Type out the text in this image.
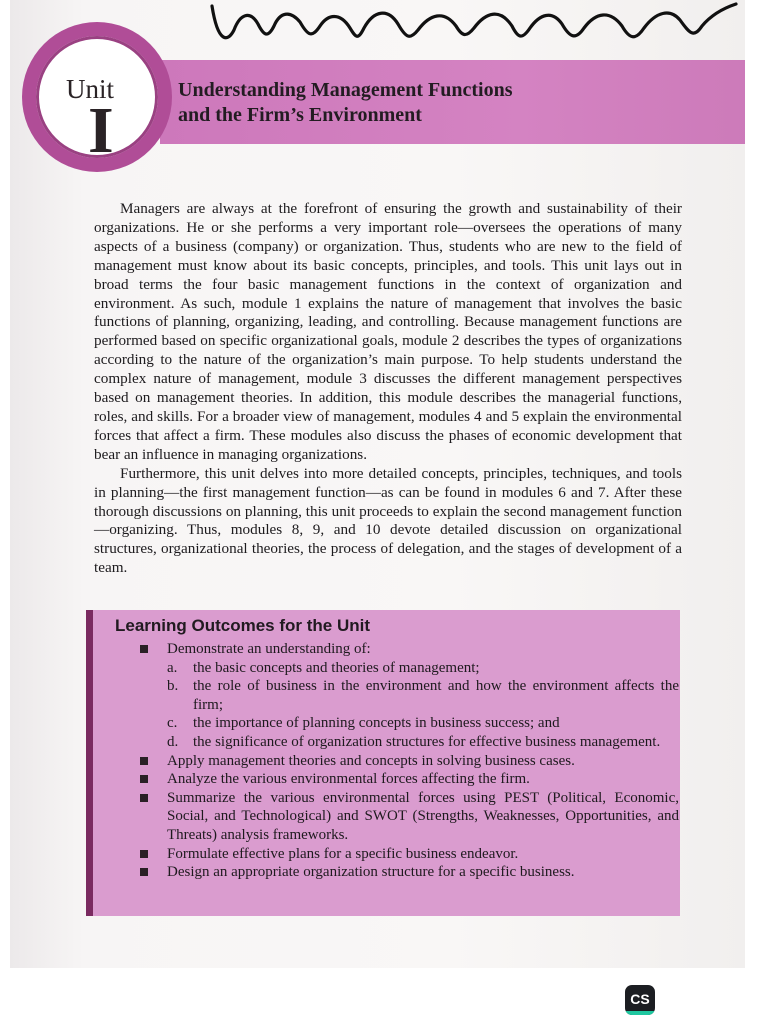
Unit
I
Understanding Management Functions
and the Firm’s Environment

Managers are always at the forefront of ensuring the growth and sustainability of their organizations. He or she performs a very important role—oversees the operations of many aspects of a business (company) or organization. Thus, students who are new to the field of management must know about its basic concepts, principles, and tools. This unit lays out in broad terms the four basic management functions in the context of organization and environment. As such, module 1 explains the nature of management that involves the basic functions of planning, organizing, leading, and controlling. Because management functions are performed based on specific organizational goals, module 2 describes the types of organizations according to the nature of the organization’s main purpose. To help students understand the complex nature of management, module 3 discusses the different management perspectives based on management theories. In addition, this module describes the managerial functions, roles, and skills. For a broader view of management, modules 4 and 5 explain the environmental forces that affect a firm. These modules also discuss the phases of economic development that bear an influence in managing organizations.

Furthermore, this unit delves into more detailed concepts, principles, techniques, and tools in planning—the first management function—as can be found in modules 6 and 7. After these thorough discussions on planning, this unit proceeds to explain the second management function—organizing. Thus, modules 8, 9, and 10 devote detailed discussion on organizational structures, organizational theories, the process of delegation, and the stages of development of a team.

Learning Outcomes for the Unit
Demonstrate an understanding of:
a. the basic concepts and theories of management;
b. the role of business in the environment and how the environment affects the firm;
c. the importance of planning concepts in business success; and
d. the significance of organization structures for effective business management.
Apply management theories and concepts in solving business cases.
Analyze the various environmental forces affecting the firm.
Summarize the various environmental forces using PEST (Political, Economic, Social, and Technological) and SWOT (Strengths, Weaknesses, Opportunities, and Threats) analysis frameworks.
Formulate effective plans for a specific business endeavor.
Design an appropriate organization structure for a specific business.
CS
